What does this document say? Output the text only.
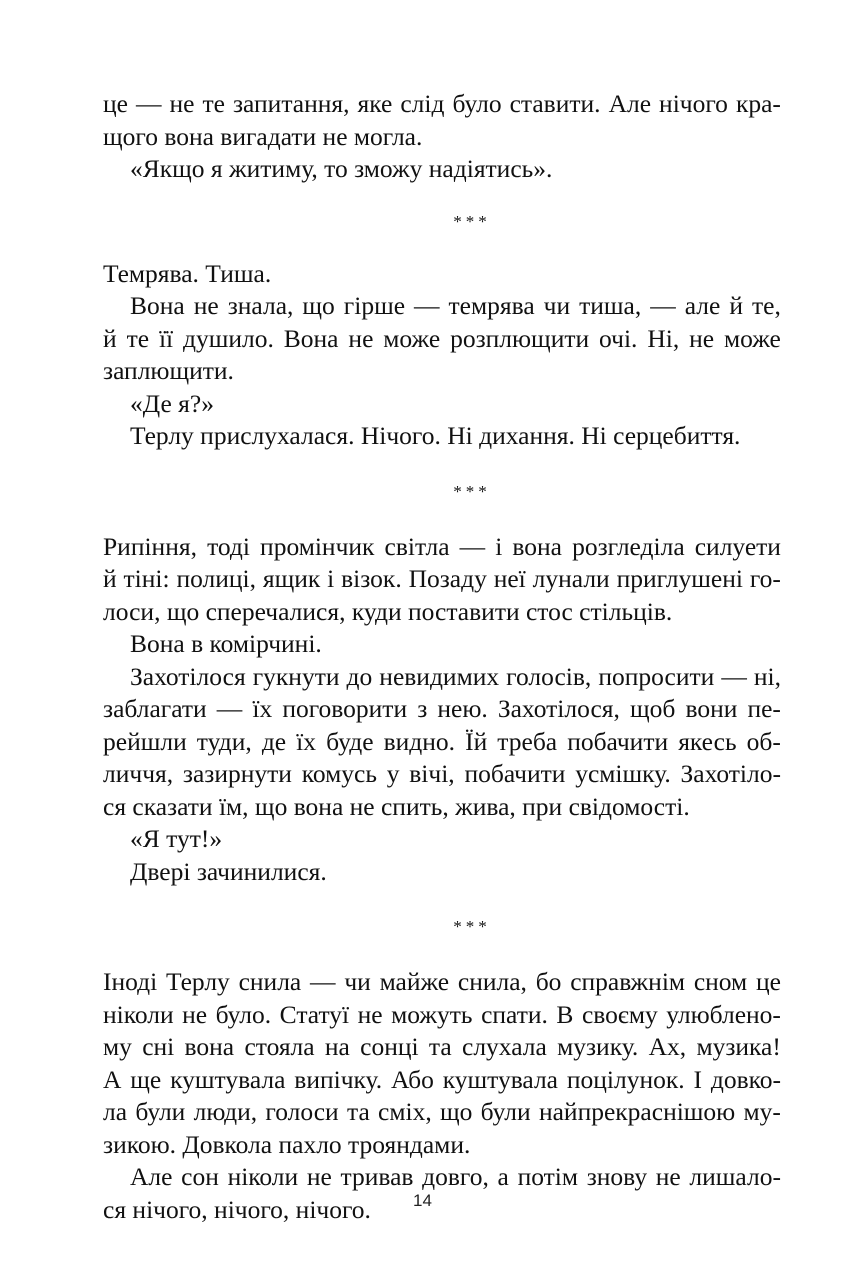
це — не те запитання, яке слід було ставити. Але нічого кра-
щого вона вигадати не могла.
«Якщо я житиму, то зможу надіятись».
***
Темрява. Тиша.
Вона не знала, що гірше — темрява чи тиша, — але й те,
й те її душило. Вона не може розплющити очі. Ні, не може
заплющити.
«Де я?»
Терлу прислухалася. Нічого. Ні дихання. Ні серцебиття.
***
Рипіння, тоді промінчик світла — і вона розгледіла силуети
й тіні: полиці, ящик і візок. Позаду неї лунали приглушені го-
лоси, що сперечалися, куди поставити стос стільців.
Вона в комірчині.
Захотілося гукнути до невидимих голосів, попросити — ні,
заблагати — їх поговорити з нею. Захотілося, щоб вони пе-
рейшли туди, де їх буде видно. Їй треба побачити якесь об-
личчя, зазирнути комусь у вічі, побачити усмішку. Захотіло-
ся сказати їм, що вона не спить, жива, при свідомості.
«Я тут!»
Двері зачинилися.
***
Іноді Терлу снила — чи майже снила, бо справжнім сном це
ніколи не було. Статуї не можуть спати. В своєму улюблено-
му сні вона стояла на сонці та слухала музику. Ах, музика!
А ще куштувала випічку. Або куштувала поцілунок. І довко-
ла були люди, голоси та сміх, що були найпрекраснішою му-
зикою. Довкола пахло трояндами.
Але сон ніколи не тривав довго, а потім знову не лишало-
ся нічого, нічого, нічого.	14
